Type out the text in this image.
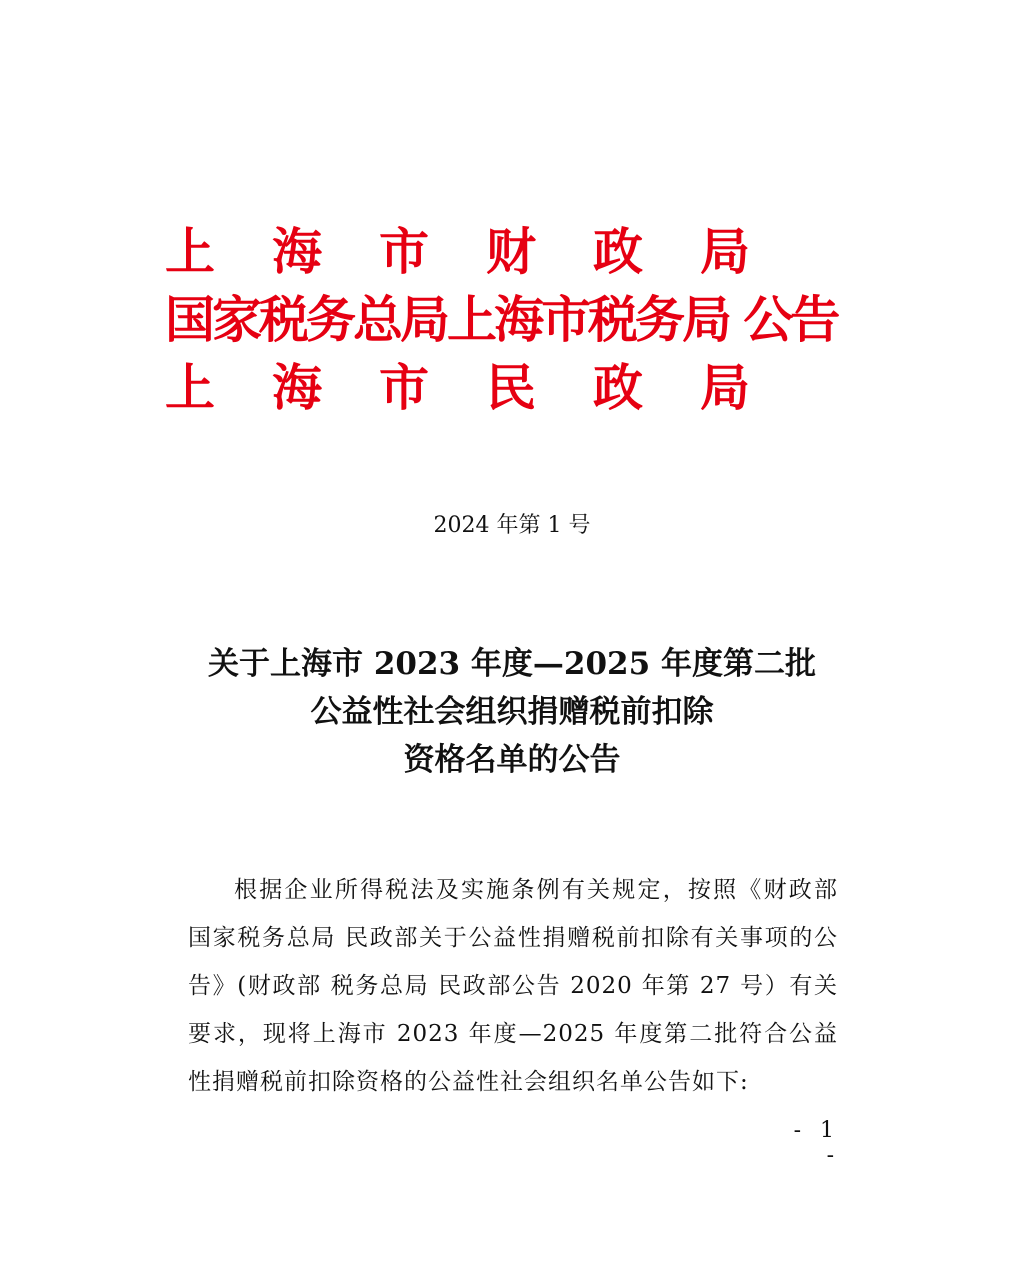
上 海 市 财 政 局
国家税务总局上海市税务局 公告
上 海 市 民 政 局
2024 年第 1 号
关于上海市 2023 年度—2025 年度第二批
公益性社会组织捐赠税前扣除
资格名单的公告

根据企业所得税法及实施条例有关规定，按照《财政部 国家税务总局 民政部关于公益性捐赠税前扣除有关事项的公告》(财政部 税务总局 民政部公告 2020 年第 27 号）有关要求，现将上海市 2023 年度—2025 年度第二批符合公益性捐赠税前扣除资格的公益性社会组织名单公告如下:

- 1 -
